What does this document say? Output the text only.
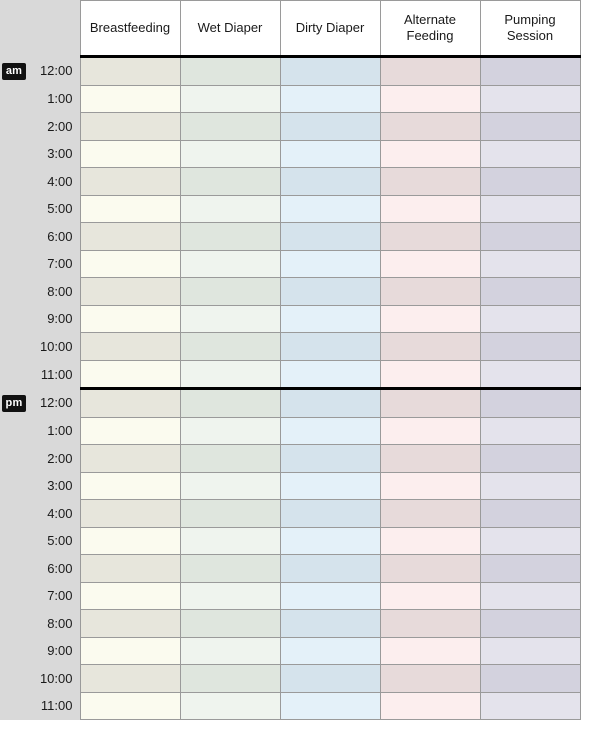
		Breastfeeding	Wet Diaper	Dirty Diaper	Alternate Feeding	Pumping Session
am	12:00					
	1:00					
	2:00					
	3:00					
	4:00					
	5:00					
	6:00					
	7:00					
	8:00					
	9:00					
	10:00					
	11:00					
pm	12:00					
	1:00					
	2:00					
	3:00					
	4:00					
	5:00					
	6:00					
	7:00					
	8:00					
	9:00					
	10:00					
	11:00					
